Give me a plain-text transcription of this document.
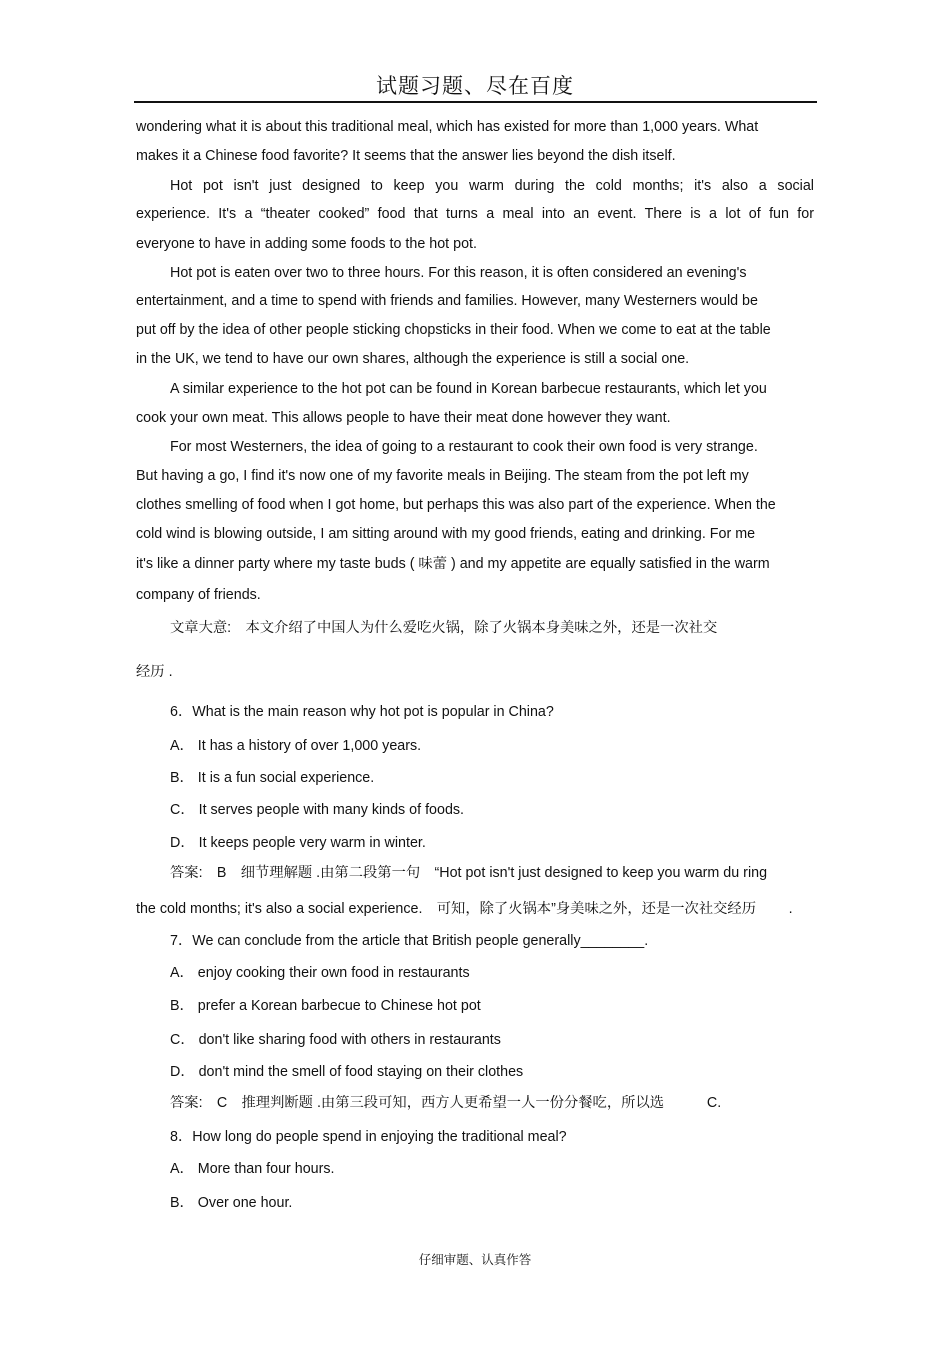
试题习题、尽在百度
wondering what it is about this traditional meal, which has existed for more than 1,000 years. What
makes it a Chinese food favorite? It seems that the answer lies beyond the dish itself.
Hot pot isn't just designed to keep you warm during the cold months; it's also a social
experience. It's a “theater cooked” food that turns a meal into an event. There is a lot of fun for
everyone to have in adding some foods to the hot pot.
Hot pot is eaten over two to three hours. For this reason, it is often considered an evening's
entertainment, and a time to spend with friends and families. However, many Westerners would be
put off by the idea of other people sticking chopsticks in their food. When we come to eat at the table
in the UK, we tend to have our own shares, although the experience is still a social one.
A similar experience to the hot pot can be found in Korean barbecue restaurants, which let you
cook your own meat. This allows people to have their meat done however they want.
For most Westerners, the idea of going to a restaurant to cook their own food is very strange.
But having a go, I find it's now one of my favorite meals in Beijing. The steam from the pot left my
clothes smelling of food when I got home, but perhaps this was also part of the experience. When the
cold wind is blowing outside, I am sitting around with my good friends, eating and drinking. For me
it's like a dinner party where my taste buds ( 味蕾 ) and my appetite are equally satisfied in the warm
company of friends.
文章大意:　本文介绍了中国人为什么爱吃火锅，除了火锅本身美味之外，还是一次社交
经历 .
6．What is the main reason why hot pot is popular in China?
A． It has a history of over 1,000 years.
B． It is a fun social experience.
C． It serves people with many kinds of foods.
D． It keeps people very warm in winter.
答案:　B　细节理解题 .由第二段第一句　“Hot pot isn't just designed to keep you warm du ring
the cold months; it's also a social experience.　可知，除了火锅本”身美味之外，还是一次社交经历　　 .
7．We can conclude from the article that British people generally________.
A． enjoy cooking their own food in restaurants
B． prefer a Korean barbecue to Chinese hot pot
C． don't like sharing food with others in restaurants
D． don't mind the smell of food staying on their clothes
答案:　C　推理判断题 .由第三段可知，西方人更希望一人一份分餐吃，所以选　　　C.
8．How long do people spend in enjoying the traditional meal?
A． More than four hours.
B． Over one hour.
仔细审题、认真作答
